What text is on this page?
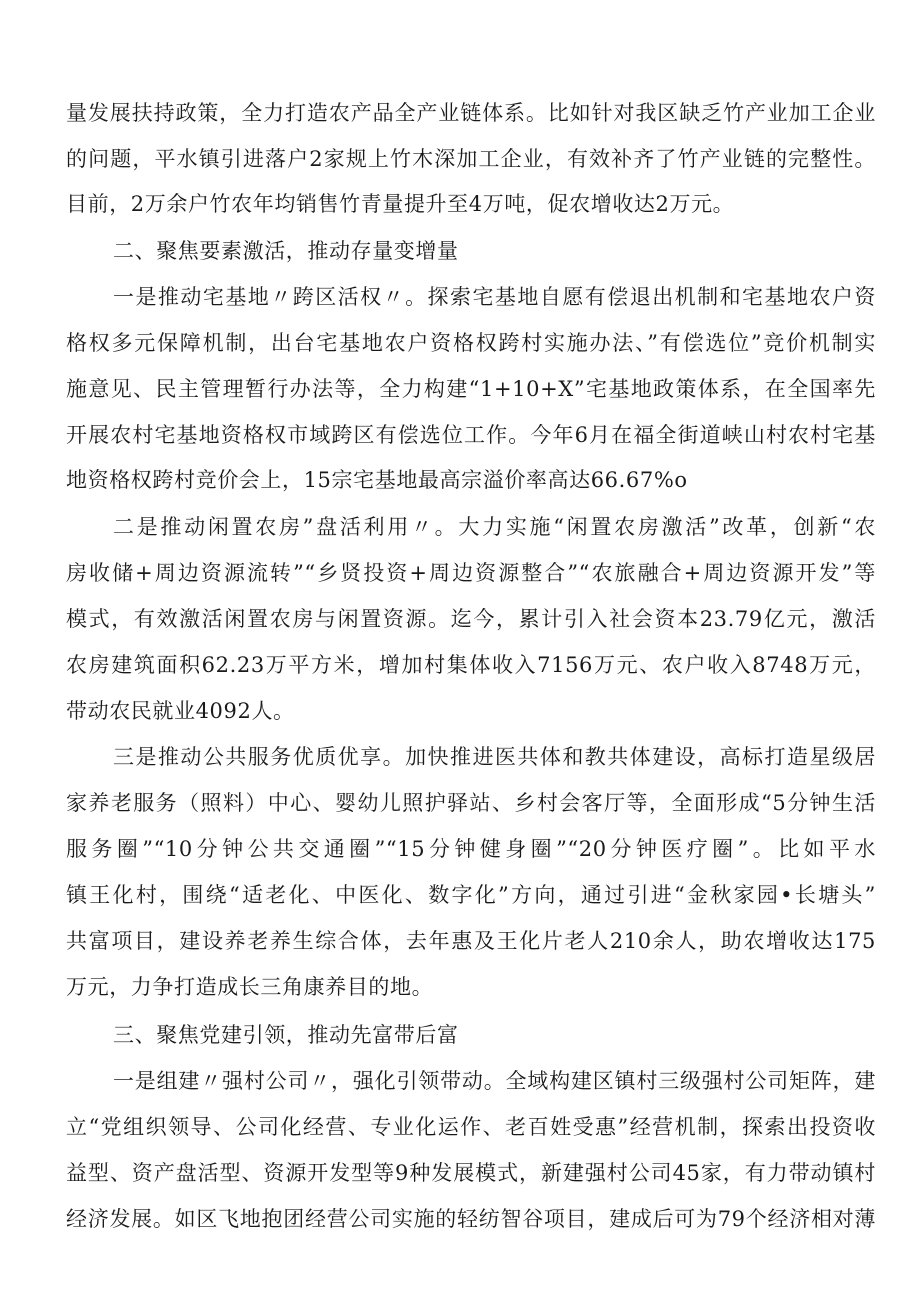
量发展扶持政策，全力打造农产品全产业链体系。比如针对我区缺乏竹产业加工企业
的问题，平水镇引进落户2家规上竹木深加工企业，有效补齐了竹产业链的完整性。
目前，2万余户竹农年均销售竹青量提升至4万吨，促农增收达2万元。
二、聚焦要素激活，推动存量变增量
一是推动宅基地〃跨区活权〃。探索宅基地自愿有偿退出机制和宅基地农户资
格权多元保障机制，出台宅基地农户资格权跨村实施办法、”有偿选位”竞价机制实
施意见、民主管理暂行办法等，全力构建“1+10+X”宅基地政策体系，在全国率先
开展农村宅基地资格权市域跨区有偿选位工作。今年6月在福全街道峡山村农村宅基
地资格权跨村竞价会上，15宗宅基地最高宗溢价率高达66.67%o
二是推动闲置农房”盘活利用〃。大力实施“闲置农房激活”改革，创新“农
房收储+周边资源流转”“乡贤投资+周边资源整合”“农旅融合+周边资源开发”等
模式，有效激活闲置农房与闲置资源。迄今，累计引入社会资本23.79亿元，激活
农房建筑面积62.23万平方米，增加村集体收入7156万元、农户收入8748万元，
带动农民就业4092人。
三是推动公共服务优质优享。加快推进医共体和教共体建设，高标打造星级居
家养老服务（照料）中心、婴幼儿照护驿站、乡村会客厅等，全面形成“5分钟生活
服务圈”“10分钟公共交通圈”“15分钟健身圈”“20分钟医疗圈”。比如平水
镇王化村，围绕“适老化、中医化、数字化”方向，通过引进“金秋家园•长塘头”
共富项目，建设养老养生综合体，去年惠及王化片老人210余人，助农增收达175
万元，力争打造成长三角康养目的地。
三、聚焦党建引领，推动先富带后富
一是组建〃强村公司〃，强化引领带动。全域构建区镇村三级强村公司矩阵，建
立“党组织领导、公司化经营、专业化运作、老百姓受惠”经营机制，探索出投资收
益型、资产盘活型、资源开发型等9种发展模式，新建强村公司45家，有力带动镇村
经济发展。如区飞地抱团经营公司实施的轻纺智谷项目，建成后可为79个经济相对薄
